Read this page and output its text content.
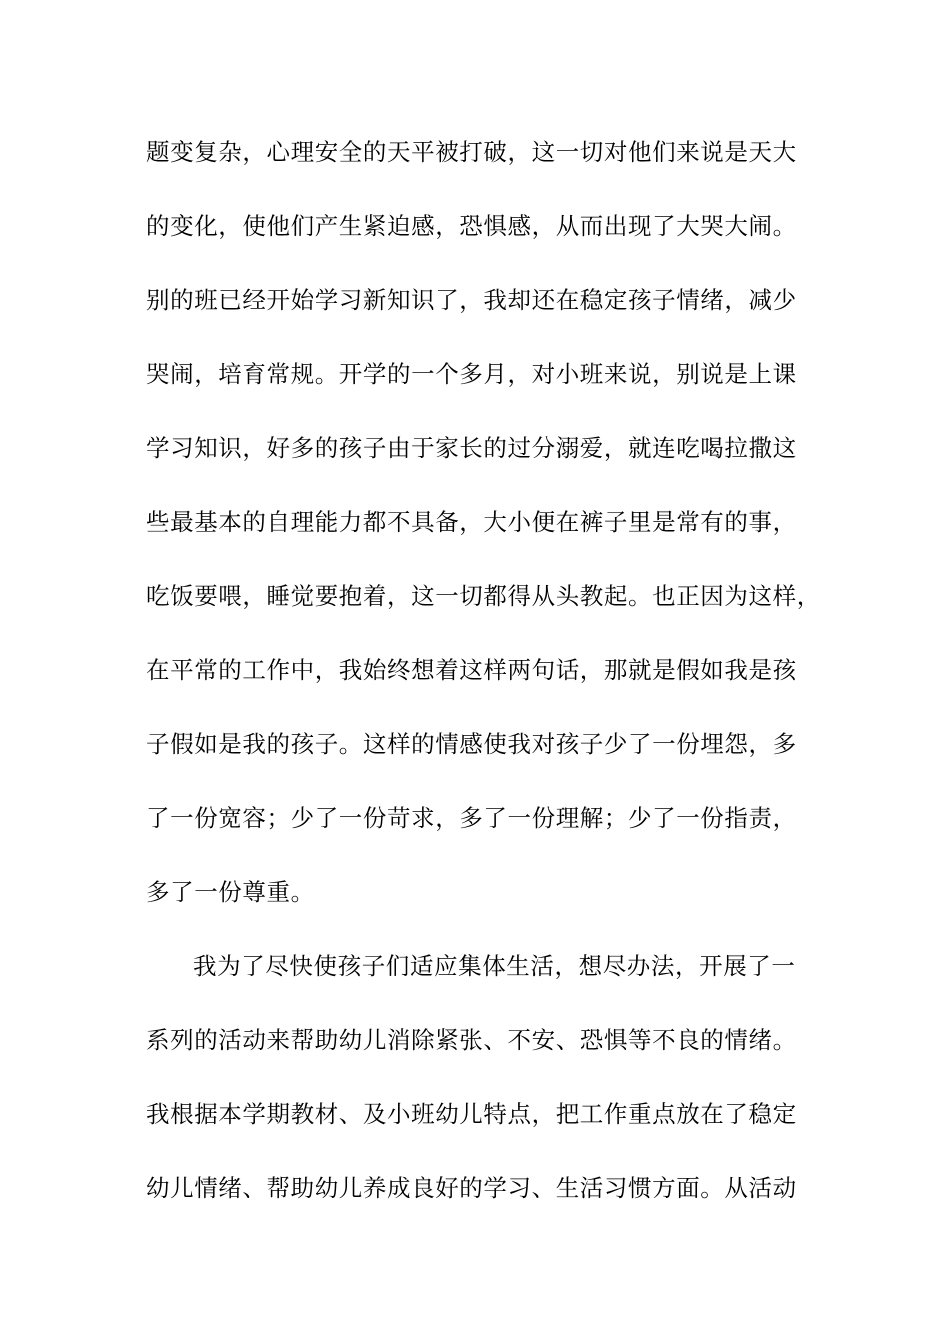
题变复杂，心理安全的天平被打破，这一切对他们来说是天大
的变化，使他们产生紧迫感，恐惧感，从而出现了大哭大闹。
别的班已经开始学习新知识了，我却还在稳定孩子情绪，减少
哭闹，培育常规。开学的一个多月，对小班来说，别说是上课
学习知识，好多的孩子由于家长的过分溺爱，就连吃喝拉撒这
些最基本的自理能力都不具备，大小便在裤子里是常有的事，
吃饭要喂，睡觉要抱着，这一切都得从头教起。也正因为这样，
在平常的工作中，我始终想着这样两句话，那就是假如我是孩
子假如是我的孩子。这样的情感使我对孩子少了一份埋怨，多
了一份宽容；少了一份苛求，多了一份理解；少了一份指责，
多了一份尊重。
我为了尽快使孩子们适应集体生活，想尽办法，开展了一
系列的活动来帮助幼儿消除紧张、不安、恐惧等不良的情绪。
我根据本学期教材、及小班幼儿特点，把工作重点放在了稳定
幼儿情绪、帮助幼儿养成良好的学习、生活习惯方面。从活动
